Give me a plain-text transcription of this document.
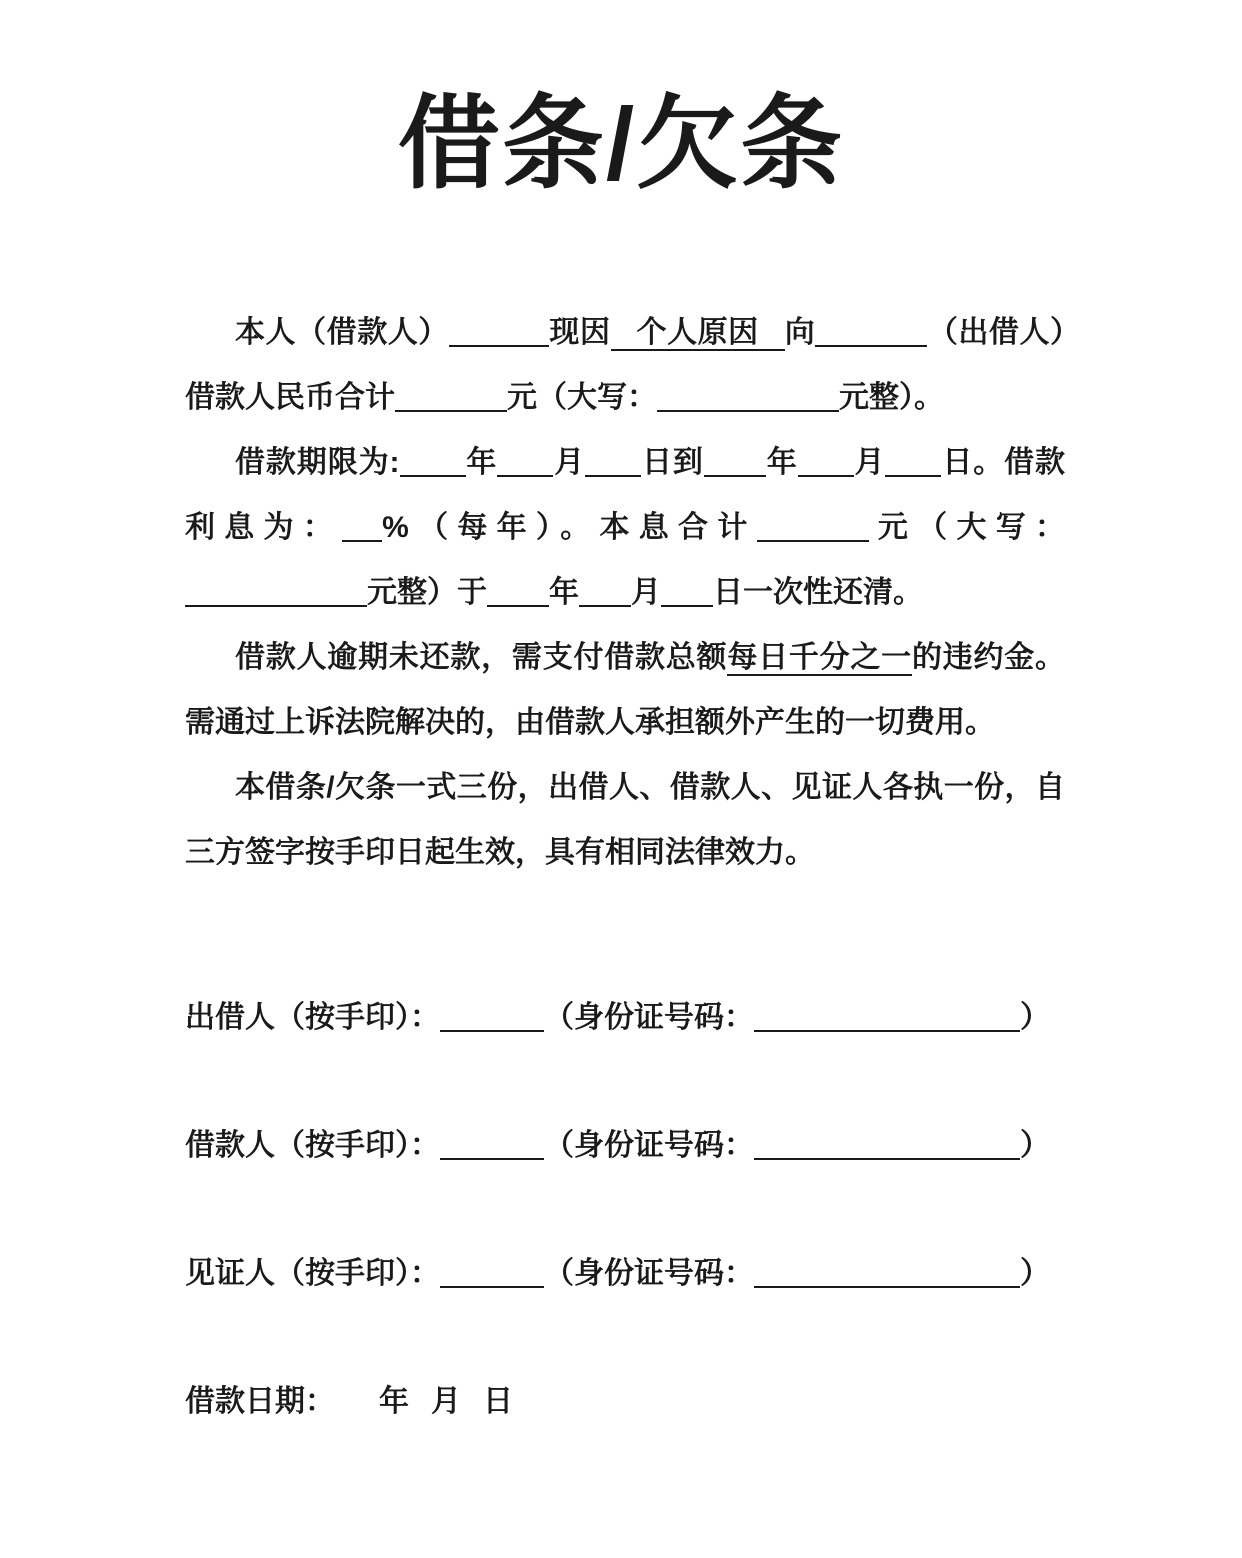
借条/欠条

本人（借款人）	现因 个人原因 向	（出借人）借款人民币合计	元（大写：	元整）。

借款期限为: 年 月 日到 年 月 日。借款利息为： %（每年）。本息合计	元（大写：元整）于 年 月 日一次性还清。

借款人逾期未还款，需支付借款总额每日千分之一的违约金。需通过上诉法院解决的，由借款人承担额外产生的一切费用。

本借条/欠条一式三份，出借人、借款人、见证人各执一份，自三方签字按手印日起生效，具有相同法律效力。

出借人（按手印）：	（身份证号码：	）

借款人（按手印）：	（身份证号码：	）

见证人（按手印）：	（身份证号码：	）

借款日期： 年 月 日
